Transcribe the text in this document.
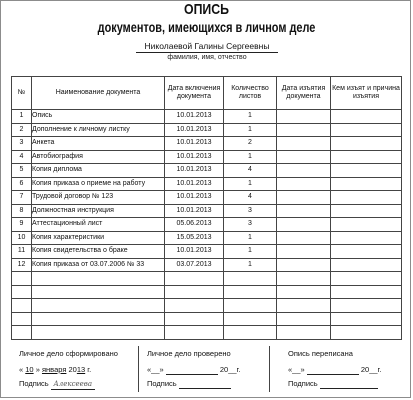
ОПИСЬ
документов, имеющихся в личном деле
Николаевой Галины Сергеевны
фамилия, имя, отчество
№	Наименование документа	Дата включения документа	Количество листов	Дата изъятия документа	Кем изъят и причина изъятия
1	Опись	10.01.2013	1		
2	Дополнение к личному листку	10.01.2013	1		
3	Анкета	10.01.2013	2		
4	Автобиография	10.01.2013	1		
5	Копия диплома	10.01.2013	4		
6	Копия приказа о приеме на работу	10.01.2013	1		
7	Трудовой договор № 123	10.01.2013	4		
8	Должностная инструкция	10.01.2013	3		
9	Аттестационный лист	05.06.2013	3		
10	Копия характеристики	15.05.2013	1		
11	Копия свидетельства о браке	10.01.2013	1		
12	Копия приказа от 03.07.2006 № 33	03.07.2013	1		

Личное дело сформировано
« 10 » января 2013 г.
Подпись Алексеева
Личное дело проверено
«__»	20__г.
Подпись
Опись переписана
«__»	20__г.
Подпись
